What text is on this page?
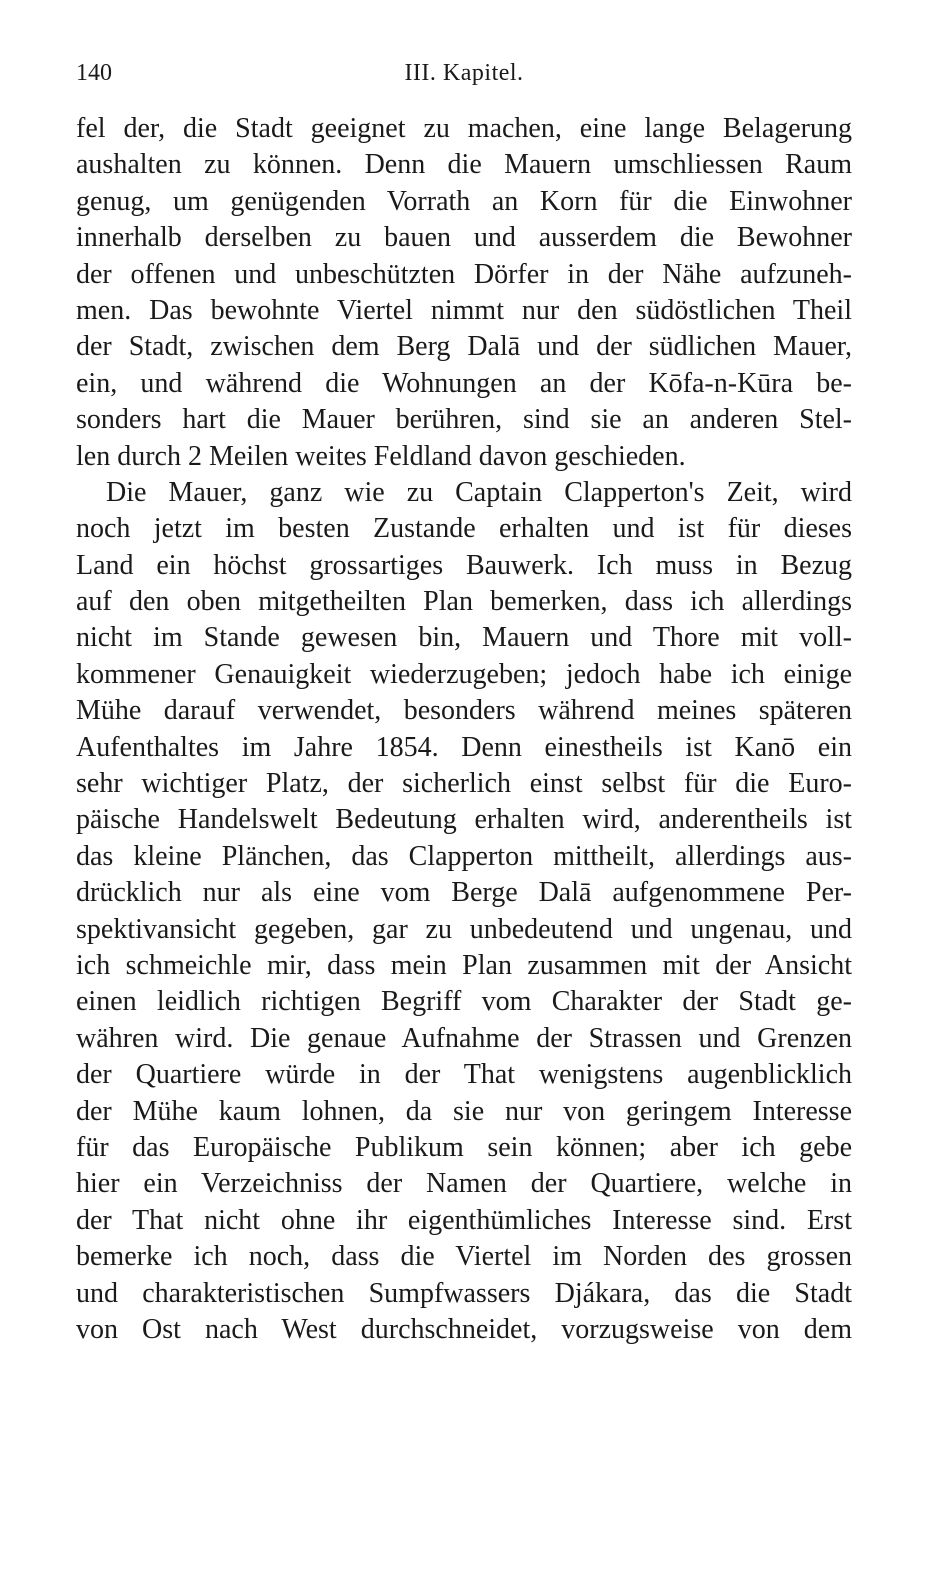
140	III. Kapitel.
fel der, die Stadt geeignet zu machen, eine lange Belagerung
aushalten zu können. Denn die Mauern umschliessen Raum
genug, um genügenden Vorrath an Korn für die Einwohner
innerhalb derselben zu bauen und ausserdem die Bewohner
der offenen und unbeschützten Dörfer in der Nähe aufzuneh-
men. Das bewohnte Viertel nimmt nur den südöstlichen Theil
der Stadt, zwischen dem Berg Dalā und der südlichen Mauer,
ein, und während die Wohnungen an der Kōfa-n-Kūra be-
sonders hart die Mauer berühren, sind sie an anderen Stel-
len durch 2 Meilen weites Feldland davon geschieden.
Die Mauer, ganz wie zu Captain Clapperton's Zeit, wird
noch jetzt im besten Zustande erhalten und ist für dieses
Land ein höchst grossartiges Bauwerk. Ich muss in Bezug
auf den oben mitgetheilten Plan bemerken, dass ich allerdings
nicht im Stande gewesen bin, Mauern und Thore mit voll-
kommener Genauigkeit wiederzugeben; jedoch habe ich einige
Mühe darauf verwendet, besonders während meines späteren
Aufenthaltes im Jahre 1854. Denn einestheils ist Kanō ein
sehr wichtiger Platz, der sicherlich einst selbst für die Euro-
päische Handelswelt Bedeutung erhalten wird, anderentheils ist
das kleine Plänchen, das Clapperton mittheilt, allerdings aus-
drücklich nur als eine vom Berge Dalā aufgenommene Per-
spektivansicht gegeben, gar zu unbedeutend und ungenau, und
ich schmeichle mir, dass mein Plan zusammen mit der Ansicht
einen leidlich richtigen Begriff vom Charakter der Stadt ge-
währen wird. Die genaue Aufnahme der Strassen und Grenzen
der Quartiere würde in der That wenigstens augenblicklich
der Mühe kaum lohnen, da sie nur von geringem Interesse
für das Europäische Publikum sein können; aber ich gebe
hier ein Verzeichniss der Namen der Quartiere, welche in
der That nicht ohne ihr eigenthümliches Interesse sind. Erst
bemerke ich noch, dass die Viertel im Norden des grossen
und charakteristischen Sumpfwassers Djákara, das die Stadt
von Ost nach West durchschneidet, vorzugsweise von dem
